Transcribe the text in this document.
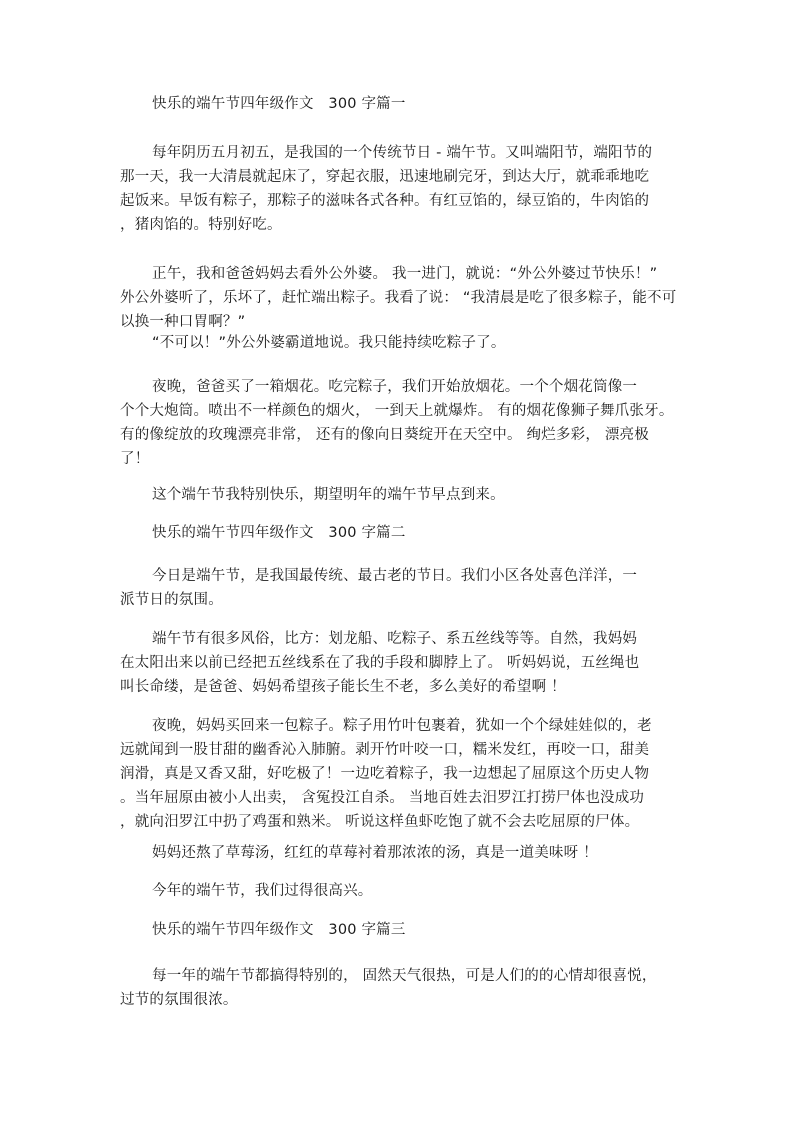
快乐的端午节四年级作文　300 字篇一

每年阴历五月初五，是我国的一个传统节日 - 端午节。又叫端阳节，端阳节的

那一天，我一大清晨就起床了，穿起衣服，迅速地刷完牙，到达大厅，就乖乖地吃

起饭来。早饭有粽子，那粽子的滋味各式各种。有红豆馅的，绿豆馅的，牛肉馅的

，猪肉馅的。特别好吃。

正午，我和爸爸妈妈去看外公外婆。 我一进门，就说：“外公外婆过节快乐！”

外公外婆听了，乐坏了，赶忙端出粽子。我看了说： “我清晨是吃了很多粽子，能不可

以换一种口胃啊？”

“不可以！”外公外婆霸道地说。我只能持续吃粽子了。

夜晚，爸爸买了一箱烟花。吃完粽子，我们开始放烟花。一个个烟花筒像一

个个大炮筒。喷出不一样颜色的烟火， 一到天上就爆炸。 有的烟花像狮子舞爪张牙。

有的像绽放的玫瑰漂亮非常， 还有的像向日葵绽开在天空中。 绚烂多彩， 漂亮极

了！

这个端午节我特别快乐，期望明年的端午节早点到来。

快乐的端午节四年级作文　300 字篇二

今日是端午节，是我国最传统、最古老的节日。我们小区各处喜色洋洋，一

派节日的氛围。

端午节有很多风俗，比方：划龙船、吃粽子、系五丝线等等。自然，我妈妈

在太阳出来以前已经把五丝线系在了我的手段和脚脖上了。 听妈妈说，五丝绳也

叫长命缕，是爸爸、妈妈希望孩子能长生不老，多么美好的希望啊 ！

夜晚，妈妈买回来一包粽子。粽子用竹叶包裹着，犹如一个个绿娃娃似的，老

远就闻到一股甘甜的幽香沁入肺腑。剥开竹叶咬一口，糯米发红，再咬一口，甜美

润滑，真是又香又甜，好吃极了！一边吃着粽子，我一边想起了屈原这个历史人物

。当年屈原由被小人出卖， 含冤投江自杀。 当地百姓去汨罗江打捞尸体也没成功

，就向汨罗江中扔了鸡蛋和熟米。 听说这样鱼虾吃饱了就不会去吃屈原的尸体。

妈妈还熬了草莓汤，红红的草莓衬着那浓浓的汤，真是一道美味呀 ！

今年的端午节，我们过得很高兴。

快乐的端午节四年级作文　300 字篇三

每一年的端午节都搞得特别的， 固然天气很热，可是人们的的心情却很喜悦，

过节的氛围很浓。
